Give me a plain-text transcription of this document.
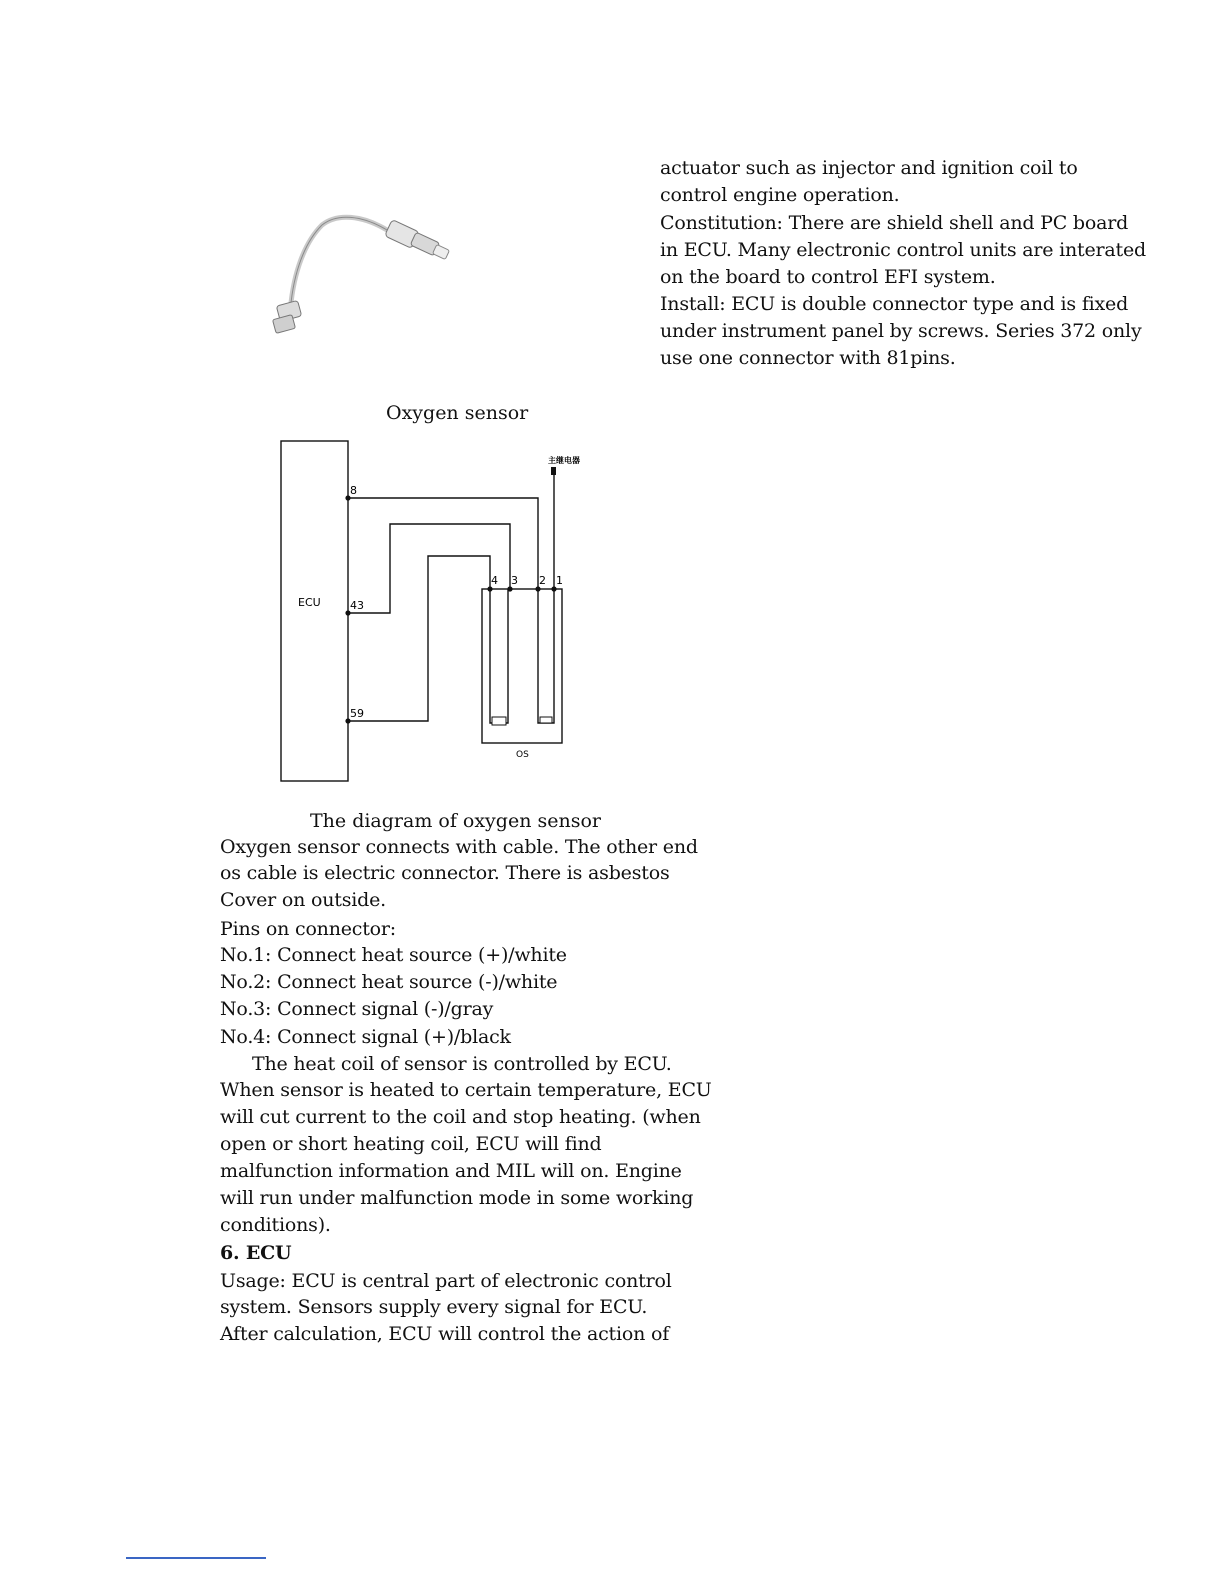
actuator such as injector and ignition coil to
control engine operation.
Constitution: There are shield shell and PC board
in ECU. Many electronic control units are interated
on the board to control EFI system.
Install: ECU is double connector type and is fixed
under instrument panel by screws. Series 372 only
use one connector with 81pins.
Oxygen sensor
ECU
8
43
59
4 3 2 1
OS
主继电器
The diagram of oxygen sensor
Oxygen sensor connects with cable. The other end
os cable is electric connector. There is asbestos
Cover on outside.
Pins on connector:
No.1: Connect heat source (+)/white
No.2: Connect heat source (-)/white
No.3: Connect signal (-)/gray
No.4: Connect signal (+)/black
The heat coil of sensor is controlled by ECU.
When sensor is heated to certain temperature, ECU
will cut current to the coil and stop heating. (when
open or short heating coil, ECU will find
malfunction information and MIL will on. Engine
will run under malfunction mode in some working
conditions).
6. ECU
Usage: ECU is central part of electronic control
system. Sensors supply every signal for ECU.
After calculation, ECU will control the action of
